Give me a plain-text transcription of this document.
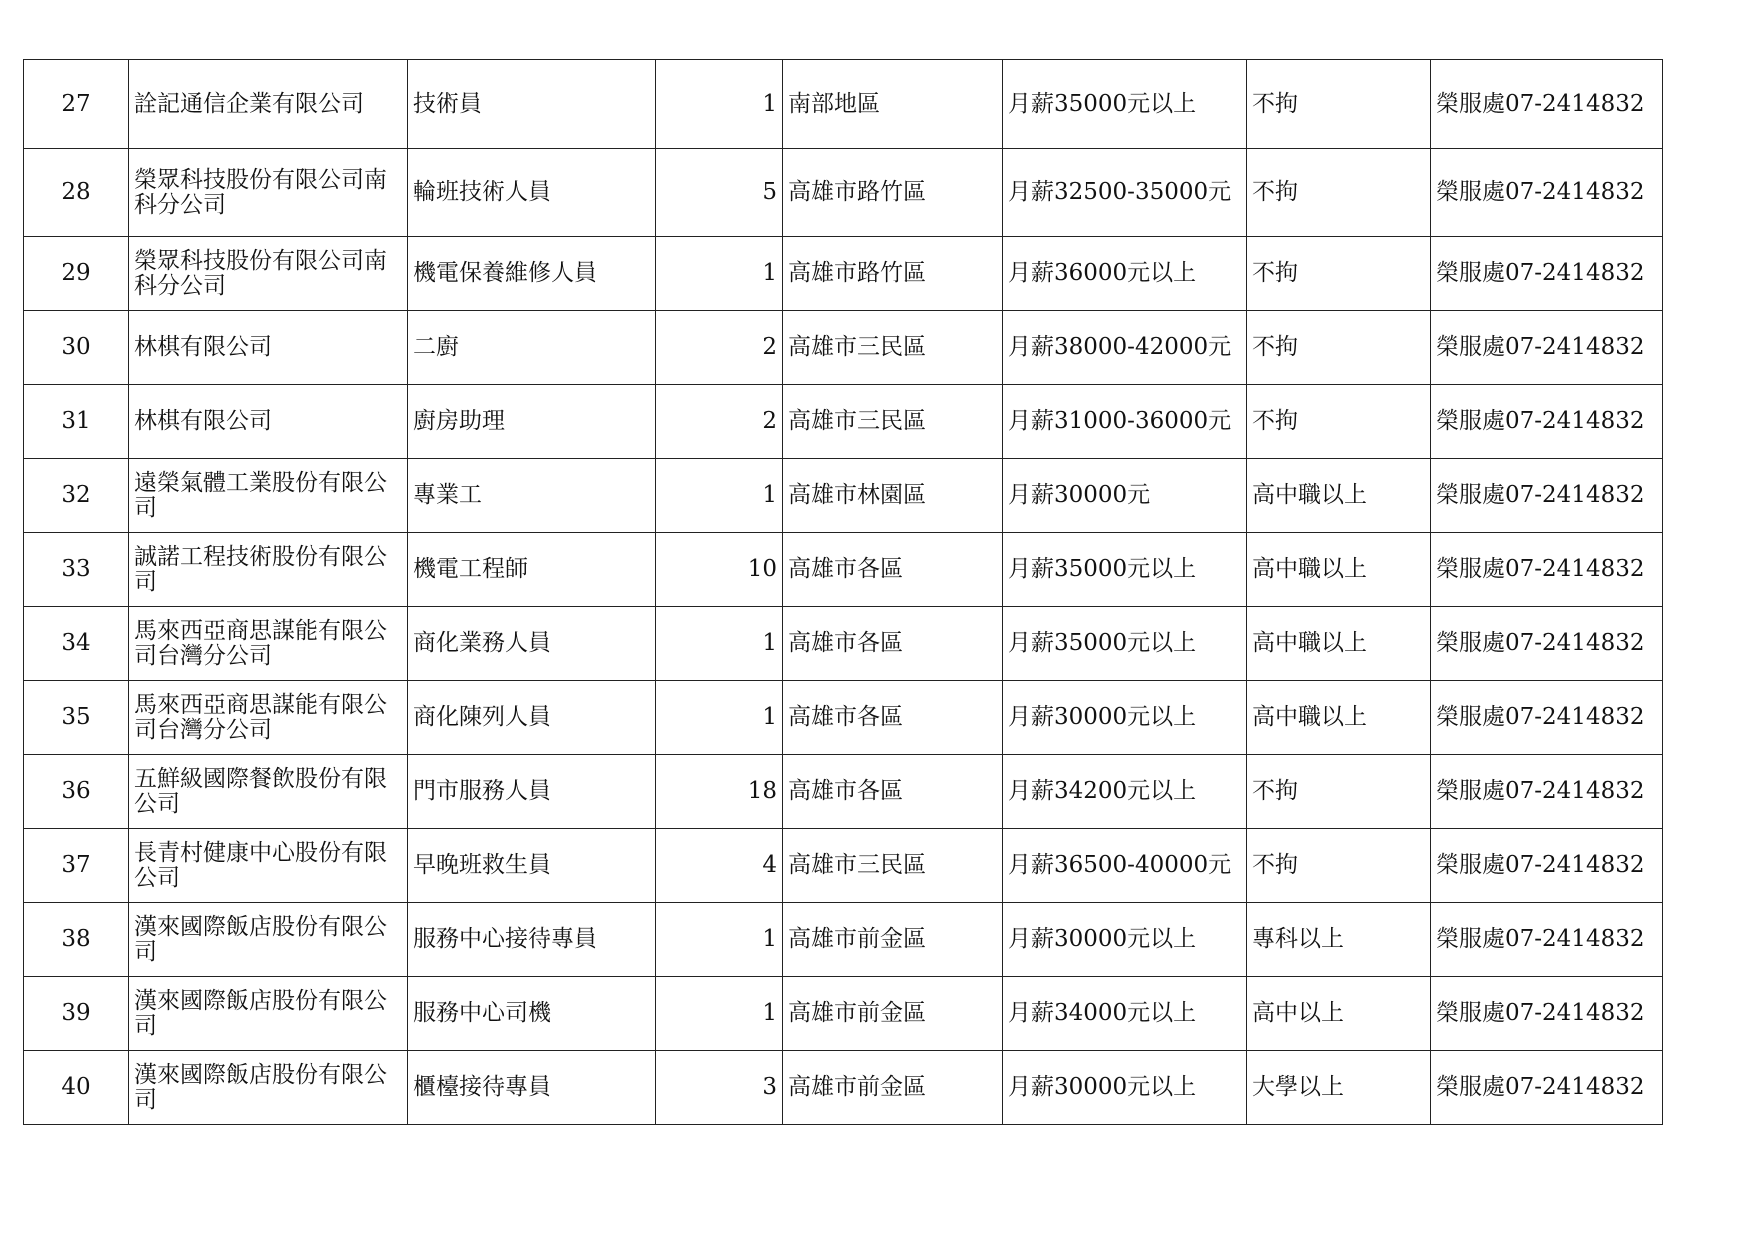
27	詮記通信企業有限公司	技術員	1	南部地區	月薪35000元以上	不拘	榮服處07-2414832
28	榮眾科技股份有限公司南科分公司	輪班技術人員	5	高雄市路竹區	月薪32500-35000元	不拘	榮服處07-2414832
29	榮眾科技股份有限公司南科分公司	機電保養維修人員	1	高雄市路竹區	月薪36000元以上	不拘	榮服處07-2414832
30	林棋有限公司	二廚	2	高雄市三民區	月薪38000-42000元	不拘	榮服處07-2414832
31	林棋有限公司	廚房助理	2	高雄市三民區	月薪31000-36000元	不拘	榮服處07-2414832
32	遠榮氣體工業股份有限公司	專業工	1	高雄市林園區	月薪30000元	高中職以上	榮服處07-2414832
33	誠諾工程技術股份有限公司	機電工程師	10	高雄市各區	月薪35000元以上	高中職以上	榮服處07-2414832
34	馬來西亞商思謀能有限公司台灣分公司	商化業務人員	1	高雄市各區	月薪35000元以上	高中職以上	榮服處07-2414832
35	馬來西亞商思謀能有限公司台灣分公司	商化陳列人員	1	高雄市各區	月薪30000元以上	高中職以上	榮服處07-2414832
36	五鮮級國際餐飲股份有限公司	門市服務人員	18	高雄市各區	月薪34200元以上	不拘	榮服處07-2414832
37	長青村健康中心股份有限公司	早晚班救生員	4	高雄市三民區	月薪36500-40000元	不拘	榮服處07-2414832
38	漢來國際飯店股份有限公司	服務中心接待專員	1	高雄市前金區	月薪30000元以上	專科以上	榮服處07-2414832
39	漢來國際飯店股份有限公司	服務中心司機	1	高雄市前金區	月薪34000元以上	高中以上	榮服處07-2414832
40	漢來國際飯店股份有限公司	櫃檯接待專員	3	高雄市前金區	月薪30000元以上	大學以上	榮服處07-2414832
